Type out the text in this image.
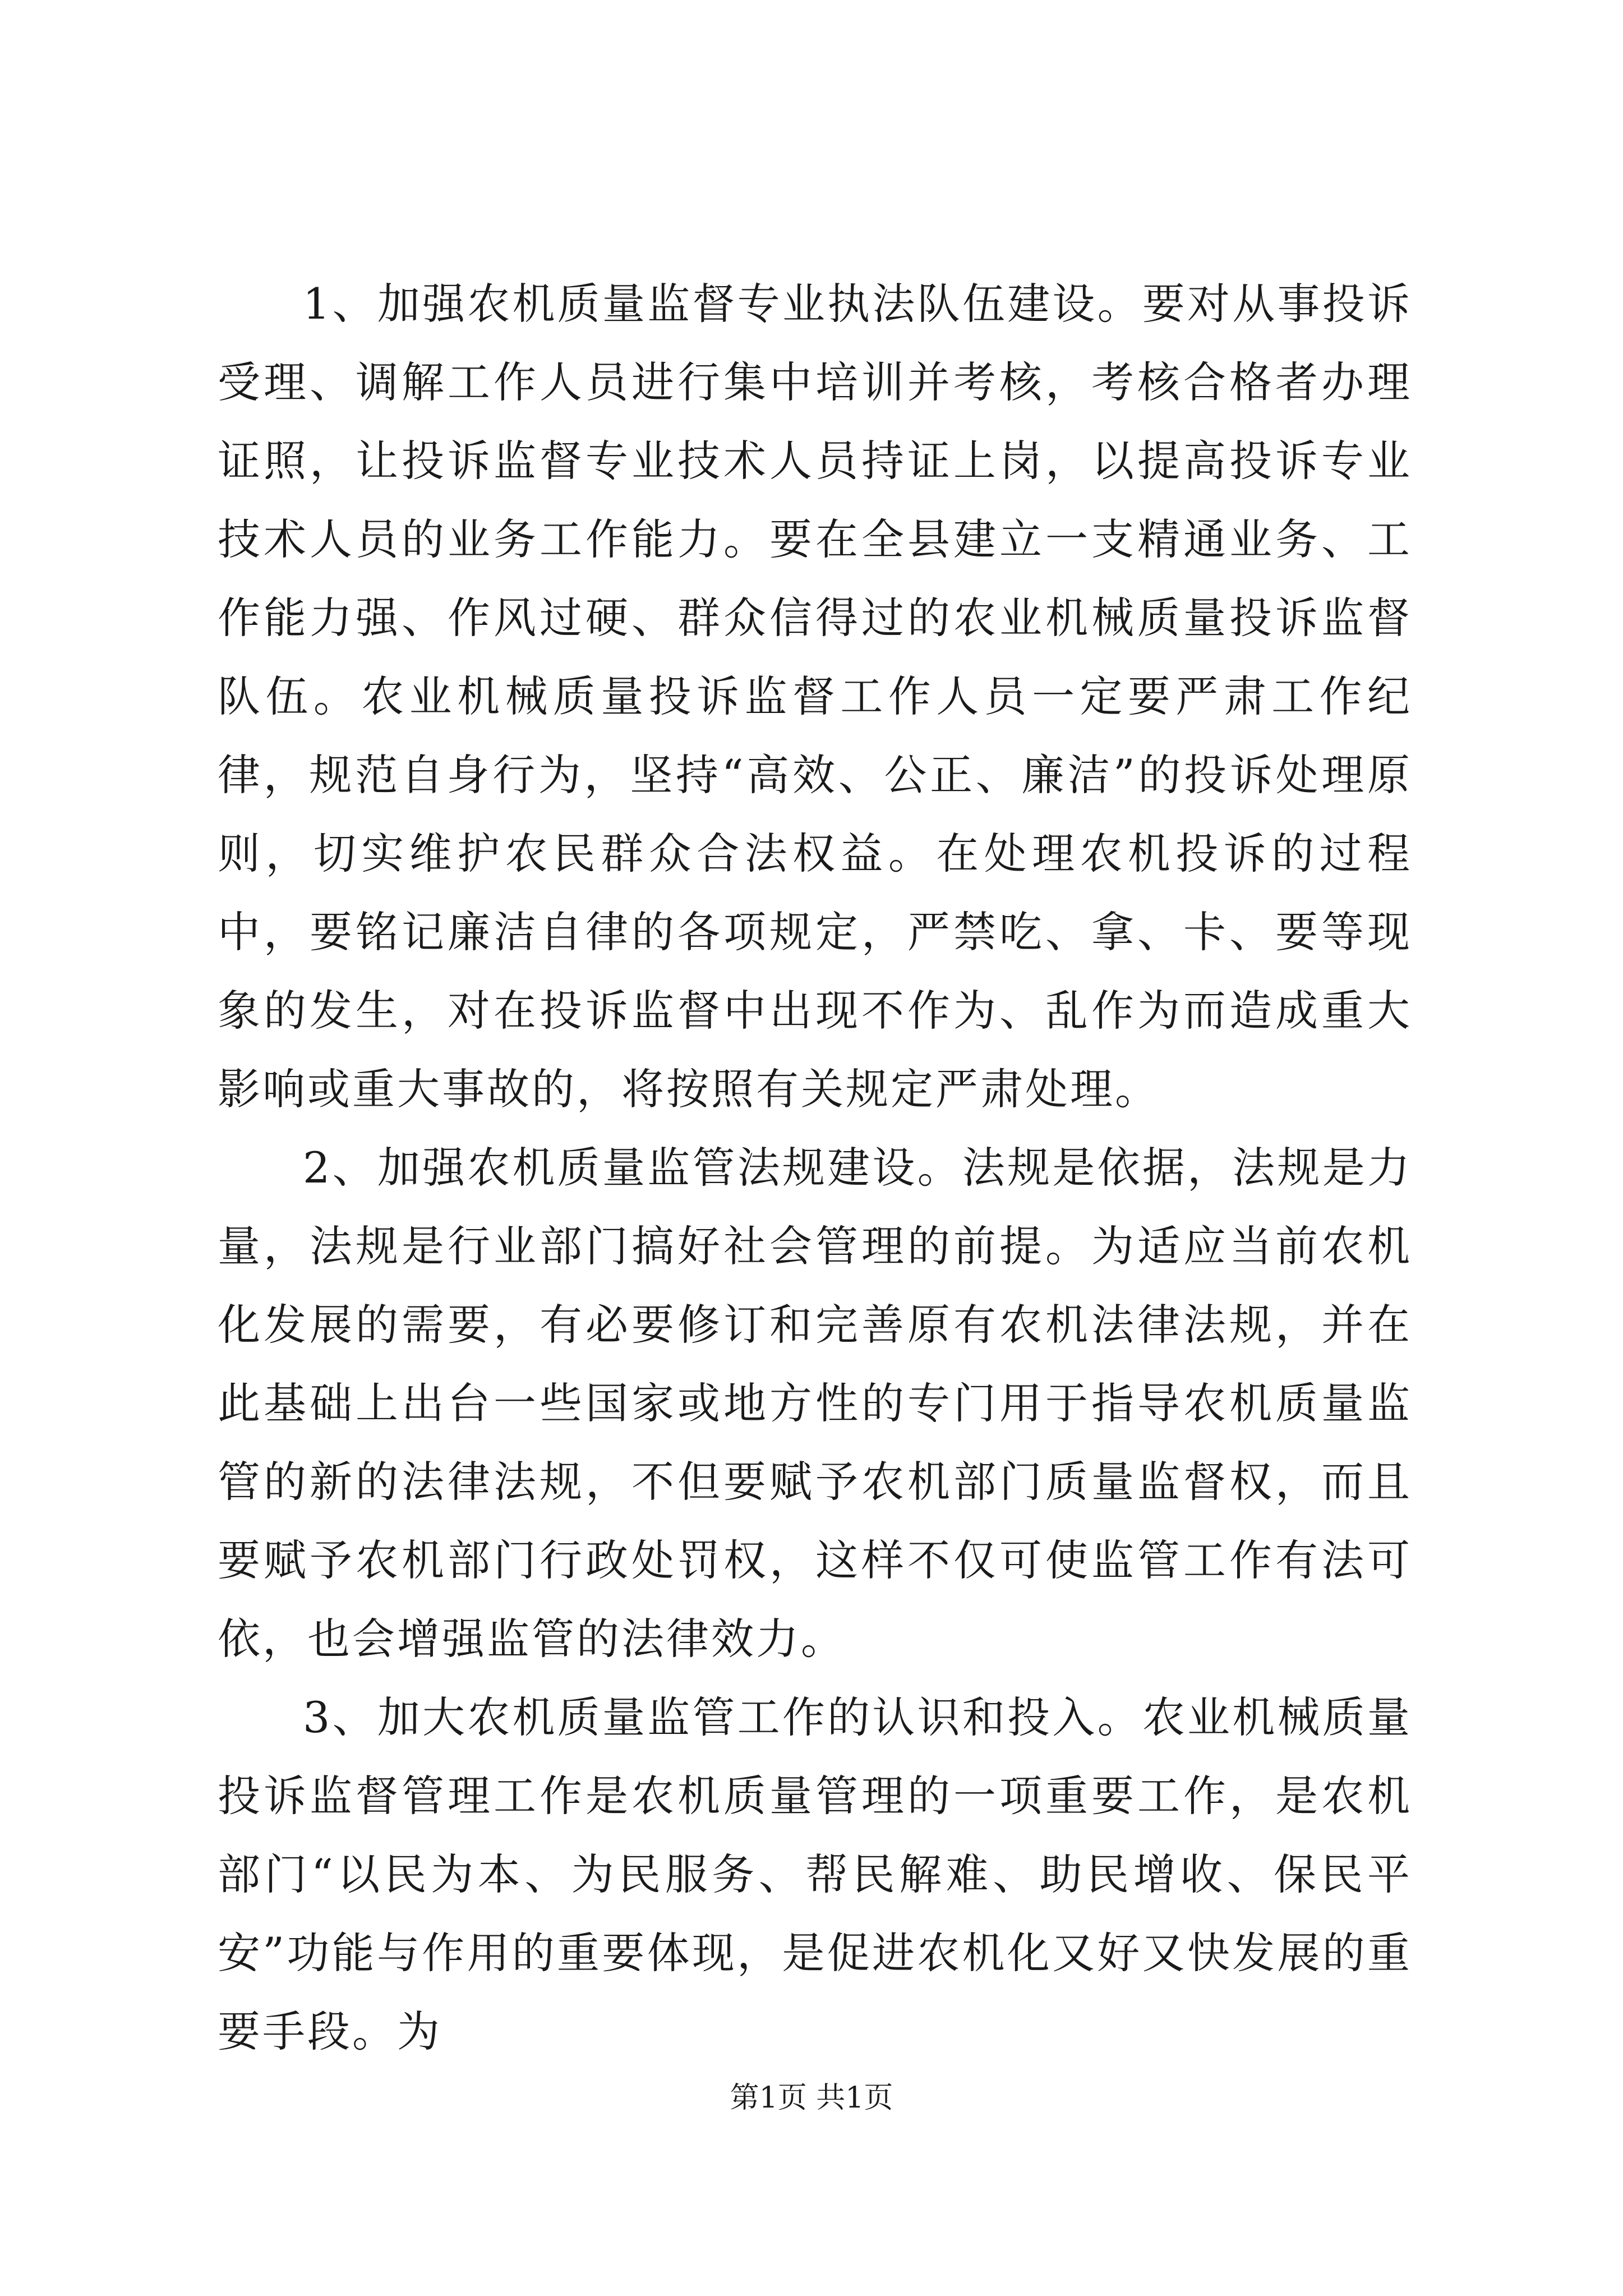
1、加强农机质量监督专业执法队伍建设。要对从事投诉受理、调解工作人员进行集中培训并考核，考核合格者办理证照，让投诉监督专业技术人员持证上岗，以提高投诉专业技术人员的业务工作能力。要在全县建立一支精通业务、工作能力强、作风过硬、群众信得过的农业机械质量投诉监督队伍。农业机械质量投诉监督工作人员一定要严肃工作纪律，规范自身行为，坚持“高效、公正、廉洁”的投诉处理原则，切实维护农民群众合法权益。在处理农机投诉的过程中，要铭记廉洁自律的各项规定，严禁吃、拿、卡、要等现象的发生，对在投诉监督中出现不作为、乱作为而造成重大影响或重大事故的，将按照有关规定严肃处理。

2、加强农机质量监管法规建设。法规是依据，法规是力量，法规是行业部门搞好社会管理的前提。为适应当前农机化发展的需要，有必要修订和完善原有农机法律法规，并在此基础上出台一些国家或地方性的专门用于指导农机质量监管的新的法律法规，不但要赋予农机部门质量监督权，而且要赋予农机部门行政处罚权，这样不仅可使监管工作有法可依，也会增强监管的法律效力。

3、加大农机质量监管工作的认识和投入。农业机械质量投诉监督管理工作是农机质量管理的一项重要工作，是农机部门“以民为本、为民服务、帮民解难、助民增收、保民平安”功能与作用的重要体现，是促进农机化又好又快发展的重要手段。为

第1页 共1页
